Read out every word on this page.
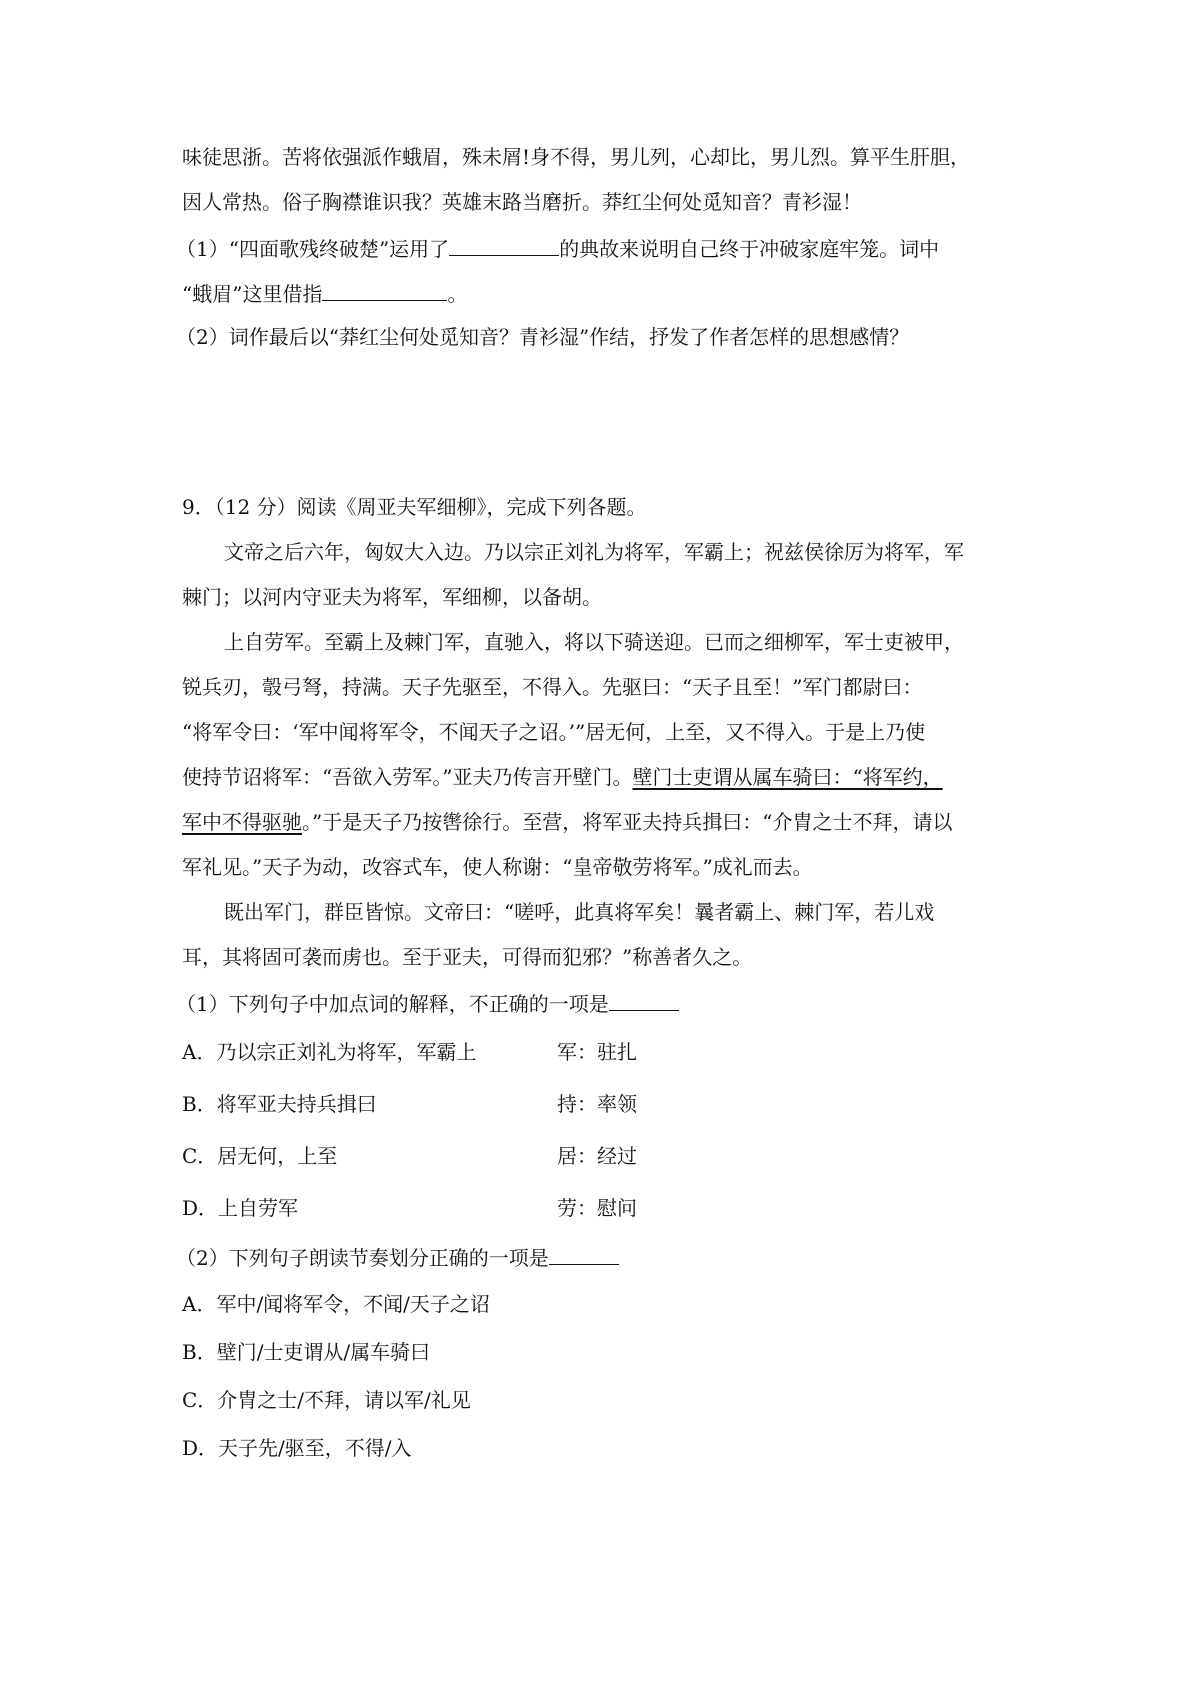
味徒思浙。苦将依强派作蛾眉，殊未屑!身不得，男儿列，心却比，男儿烈。算平生肝胆，
因人常热。俗子胸襟谁识我？英雄末路当磨折。莽红尘何处觅知音？青衫湿！
（1）“四面歌残终破楚”运用了	的典故来说明自己终于冲破家庭牢笼。词中
“蛾眉”这里借指	。
（2）词作最后以“莽红尘何处觅知音？青衫湿”作结，抒发了作者怎样的思想感情？
9．（12 分）阅读《周亚夫军细柳》，完成下列各题。
文帝之后六年，匈奴大入边。乃以宗正刘礼为将军，军霸上；祝兹侯徐厉为将军，军
棘门；以河内守亚夫为将军，军细柳，以备胡。
上自劳军。至霸上及棘门军，直驰入，将以下骑送迎。已而之细柳军，军士吏被甲，
锐兵刃，彀弓弩，持满。天子先驱至，不得入。先驱曰：“天子且至！”军门都尉曰：
“将军令曰：‘军中闻将军令，不闻天子之诏。’”居无何，上至，又不得入。于是上乃使
使持节诏将军：“吾欲入劳军。”亚夫乃传言开壁门。壁门士吏谓从属车骑曰：“将军约，
军中不得驱驰。”于是天子乃按辔徐行。至营，将军亚夫持兵揖曰：“介胄之士不拜，请以
军礼见。”天子为动，改容式车，使人称谢：“皇帝敬劳将军。”成礼而去。
既出军门，群臣皆惊。文帝曰：“嗟呼，此真将军矣！曩者霸上、棘门军，若儿戏
耳，其将固可袭而虏也。至于亚夫，可得而犯邪？”称善者久之。
（1）下列句子中加点词的解释，不正确的一项是
A．乃以宗正刘礼为将军，军霸上	军：驻扎
B．将军亚夫持兵揖曰	持：率领
C．居无何，上至	居：经过
D．上自劳军	劳：慰问
（2）下列句子朗读节奏划分正确的一项是
A．军中/闻将军令，不闻/天子之诏
B．壁门/士吏谓从/属车骑曰
C．介胄之士/不拜，请以军/礼见
D．天子先/驱至，不得/入
